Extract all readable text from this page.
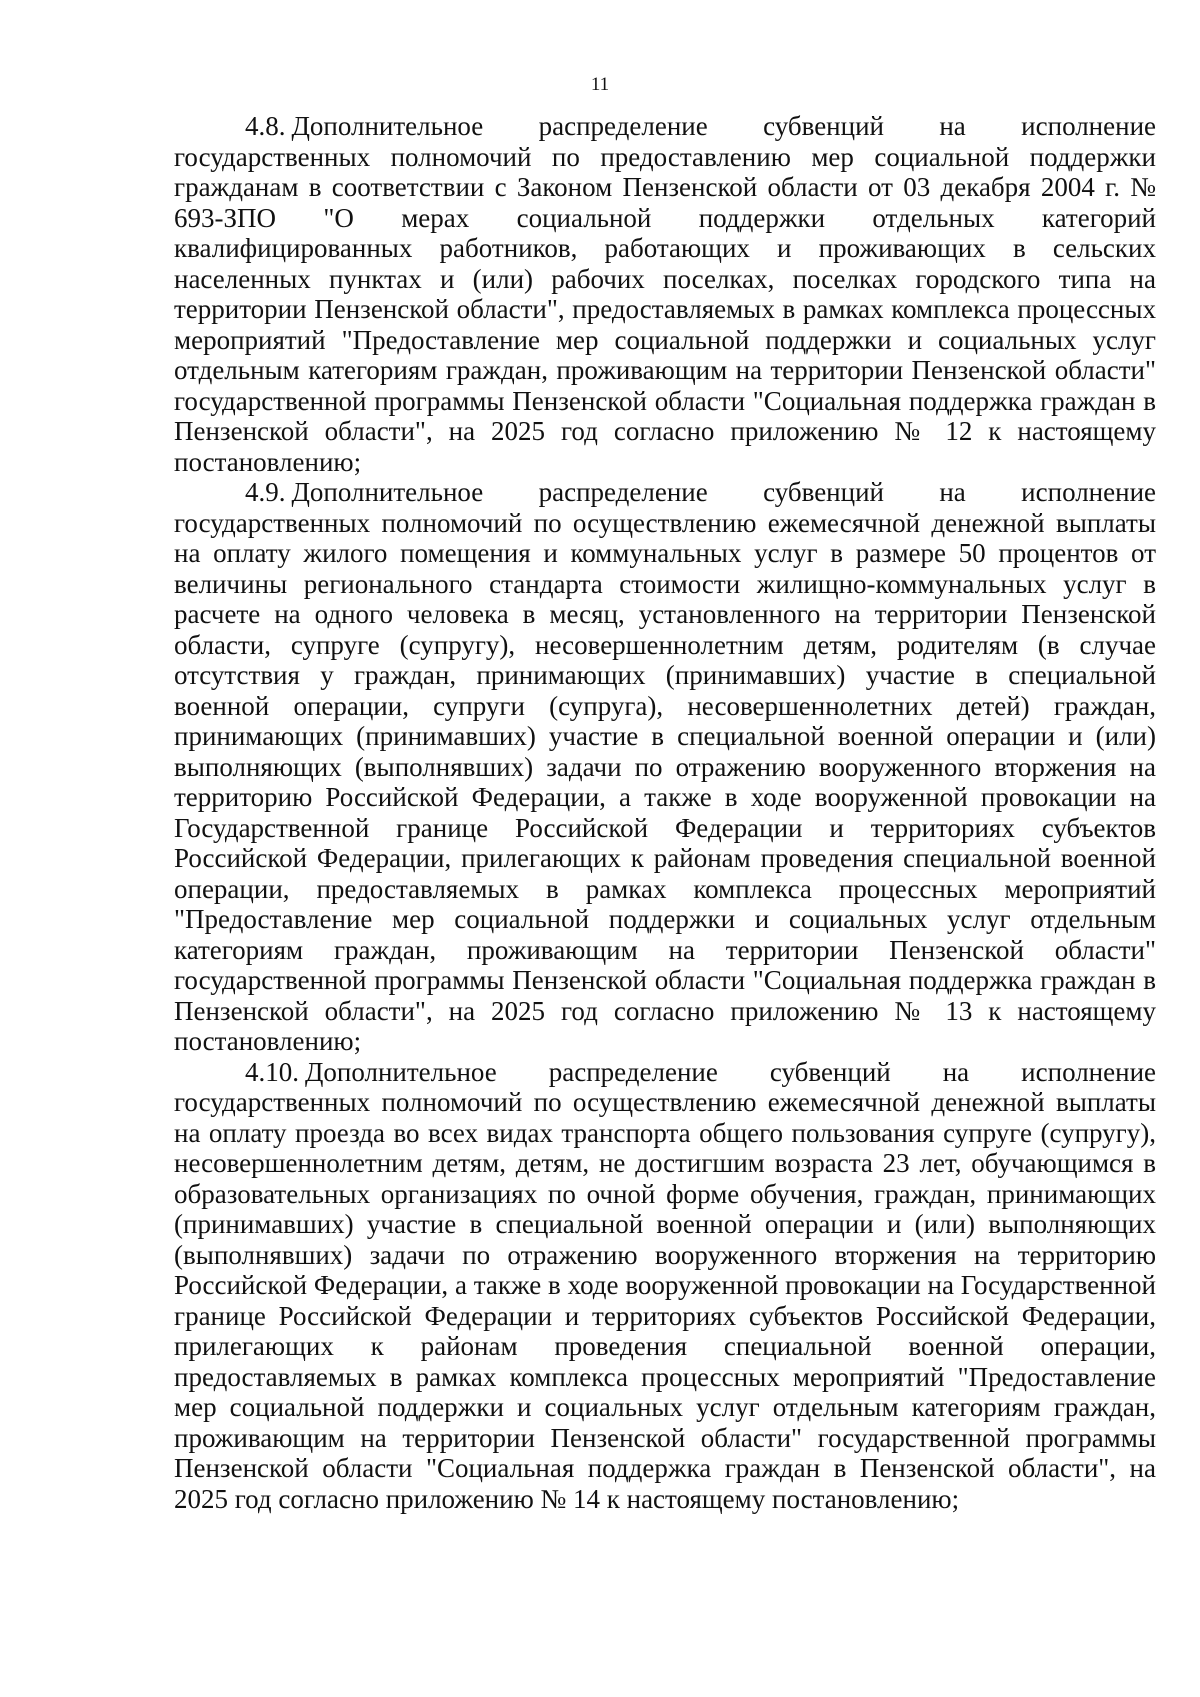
11

4.8. Дополнительное распределение субвенций на исполнение государственных полномочий по предоставлению мер социальной поддержки гражданам в соответствии с Законом Пензенской области от 03 декабря 2004 г. № 693-ЗПО "О мерах социальной поддержки отдельных категорий квалифицированных работников, работающих и проживающих в сельских населенных пунктах и (или) рабочих поселках, поселках городского типа на территории Пензенской области", предоставляемых в рамках комплекса процессных мероприятий "Предоставление мер социальной поддержки и социальных услуг отдельным категориям граждан, проживающим на территории Пензенской области" государственной программы Пензенской области "Социальная поддержка граждан в Пензенской области", на 2025 год согласно приложению № 12 к настоящему постановлению;

4.9. Дополнительное распределение субвенций на исполнение государственных полномочий по осуществлению ежемесячной денежной выплаты на оплату жилого помещения и коммунальных услуг в размере 50 процентов от величины регионального стандарта стоимости жилищно-коммунальных услуг в расчете на одного человека в месяц, установленного на территории Пензенской области, супруге (супругу), несовершеннолетним детям, родителям (в случае отсутствия у граждан, принимающих (принимавших) участие в специальной военной операции, супруги (супруга), несовершеннолетних детей) граждан, принимающих (принимавших) участие в специальной военной операции и (или) выполняющих (выполнявших) задачи по отражению вооруженного вторжения на территорию Российской Федерации, а также в ходе вооруженной провокации на Государственной границе Российской Федерации и территориях субъектов Российской Федерации, прилегающих к районам проведения специальной военной операции, предоставляемых в рамках комплекса процессных мероприятий "Предоставление мер социальной поддержки и социальных услуг отдельным категориям граждан, проживающим на территории Пензенской области" государственной программы Пензенской области "Социальная поддержка граждан в Пензенской области", на 2025 год согласно приложению № 13 к настоящему постановлению;

4.10. Дополнительное распределение субвенций на исполнение государственных полномочий по осуществлению ежемесячной денежной выплаты на оплату проезда во всех видах транспорта общего пользования супруге (супругу), несовершеннолетним детям, детям, не достигшим возраста 23 лет, обучающимся в образовательных организациях по очной форме обучения, граждан, принимающих (принимавших) участие в специальной военной операции и (или) выполняющих (выполнявших) задачи по отражению вооруженного вторжения на территорию Российской Федерации, а также в ходе вооруженной провокации на Государственной границе Российской Федерации и территориях субъектов Российской Федерации, прилегающих к районам проведения специальной военной операции, предоставляемых в рамках комплекса процессных мероприятий "Предоставление мер социальной поддержки и социальных услуг отдельным категориям граждан, проживающим на территории Пензенской области" государственной программы Пензенской области "Социальная поддержка граждан в Пензенской области", на 2025 год согласно приложению № 14 к настоящему постановлению;
